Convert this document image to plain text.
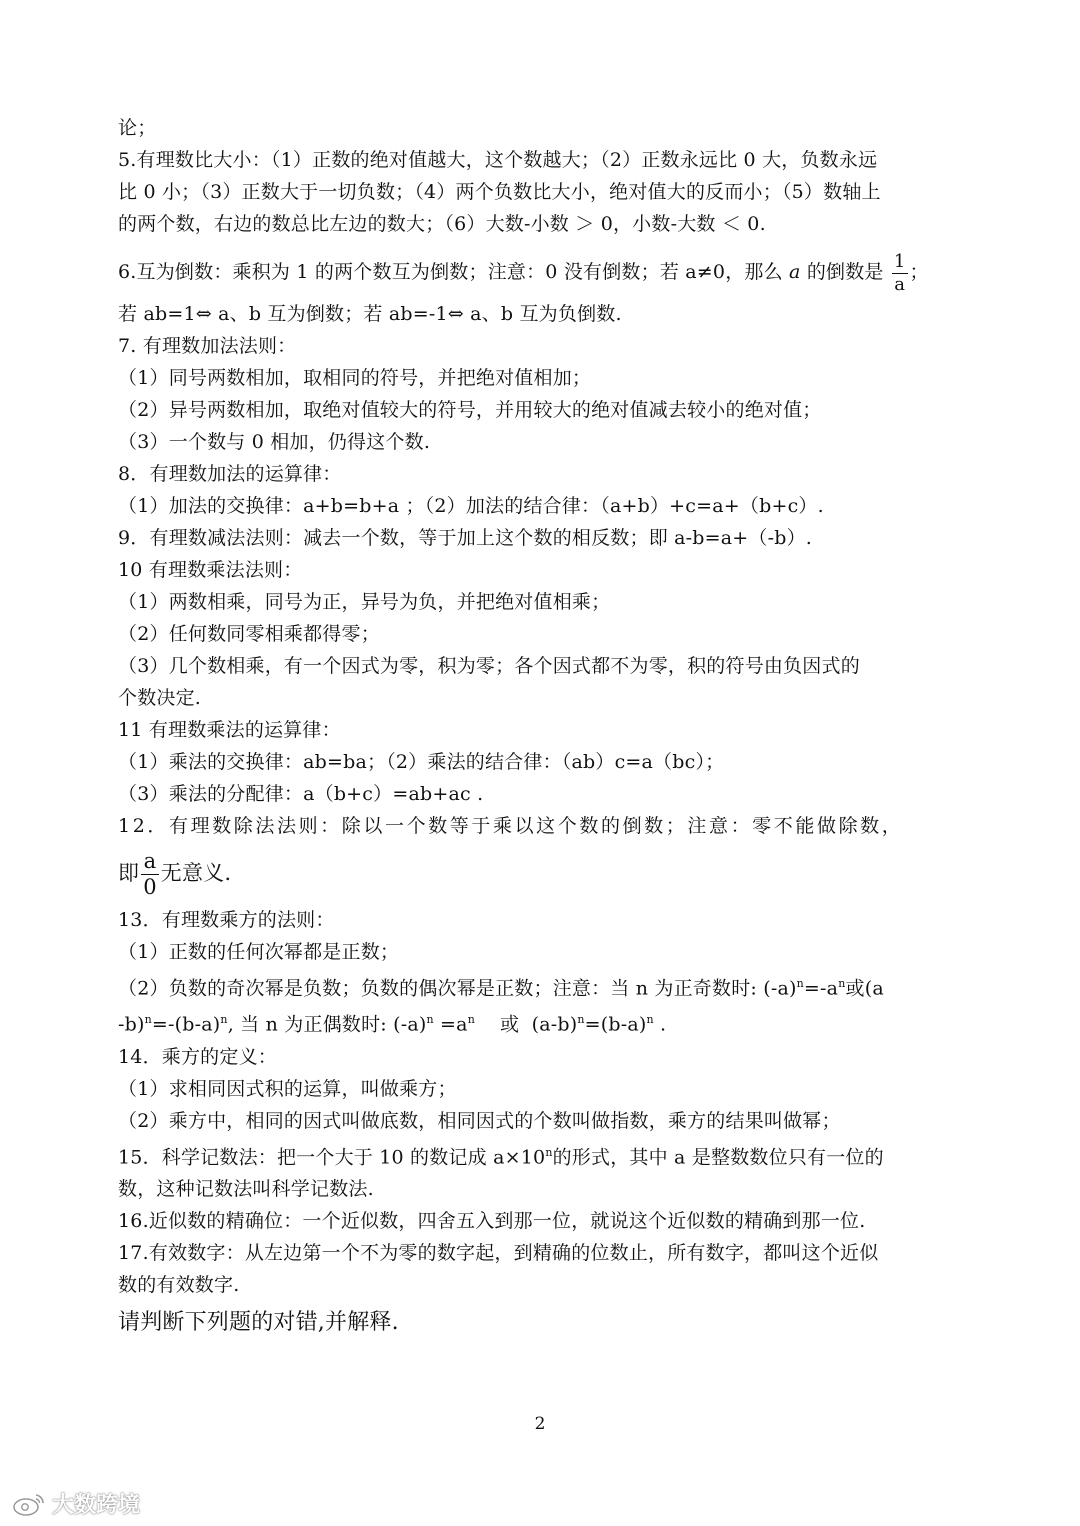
论；
5.有理数比大小：（1）正数的绝对值越大，这个数越大；（2）正数永远比 0 大，负数永远
比 0 小；（3）正数大于一切负数；（4）两个负数比大小，绝对值大的反而小；（5）数轴上
的两个数，右边的数总比左边的数大；（6）大数-小数 ＞ 0，小数-大数 ＜ 0.
6.互为倒数：乘积为 1 的两个数互为倒数；注意：0 没有倒数；若 a≠0，那么 a 的倒数是 $\frac{1}{a}$ ；
若 ab=1⇔ a、b 互为倒数；若 ab=-1⇔ a、b 互为负倒数.
7. 有理数加法法则：
（1）同号两数相加，取相同的符号，并把绝对值相加；
（2）异号两数相加，取绝对值较大的符号，并用较大的绝对值减去较小的绝对值；
（3）一个数与 0 相加，仍得这个数.
8．有理数加法的运算律：
（1）加法的交换律：a+b=b+a ；（2）加法的结合律：（a+b）+c=a+（b+c）.
9．有理数减法法则：减去一个数，等于加上这个数的相反数；即 a-b=a+（-b）.
10 有理数乘法法则：
（1）两数相乘，同号为正，异号为负，并把绝对值相乘；
（2）任何数同零相乘都得零；
（3）几个数相乘，有一个因式为零，积为零；各个因式都不为零，积的符号由负因式的
个数决定.
11 有理数乘法的运算律：
（1）乘法的交换律：ab=ba；（2）乘法的结合律：（ab）c=a（bc）；
（3）乘法的分配律：a（b+c）=ab+ac .
12．有理数除法法则：除以一个数等于乘以这个数的倒数；注意：零不能做除数，
即 $\frac{a}{0}$ 无意义.
13．有理数乘方的法则：
（1）正数的任何次幂都是正数；
（2）负数的奇次幂是负数；负数的偶次幂是正数；注意：当 n 为正奇数时: $(-a)^n=-a^n$或(a
$-b)^n=-(b-a)^n$, 当 n 为正偶数时: $(-a)^n =a^n$    或  $(a-b)^n=(b-a)^n$ .
14．乘方的定义：
（1）求相同因式积的运算，叫做乘方；
（2）乘方中，相同的因式叫做底数，相同因式的个数叫做指数，乘方的结果叫做幂；
15．科学记数法：把一个大于 10 的数记成 $a\times 10^n$的形式，其中 a 是整数数位只有一位的
数，这种记数法叫科学记数法.
16.近似数的精确位：一个近似数，四舍五入到那一位，就说这个近似数的精确到那一位.
17.有效数字：从左边第一个不为零的数字起，到精确的位数止，所有数字，都叫这个近似
数的有效数字.
请判断下列题的对错,并解释.
2
大数跨境
